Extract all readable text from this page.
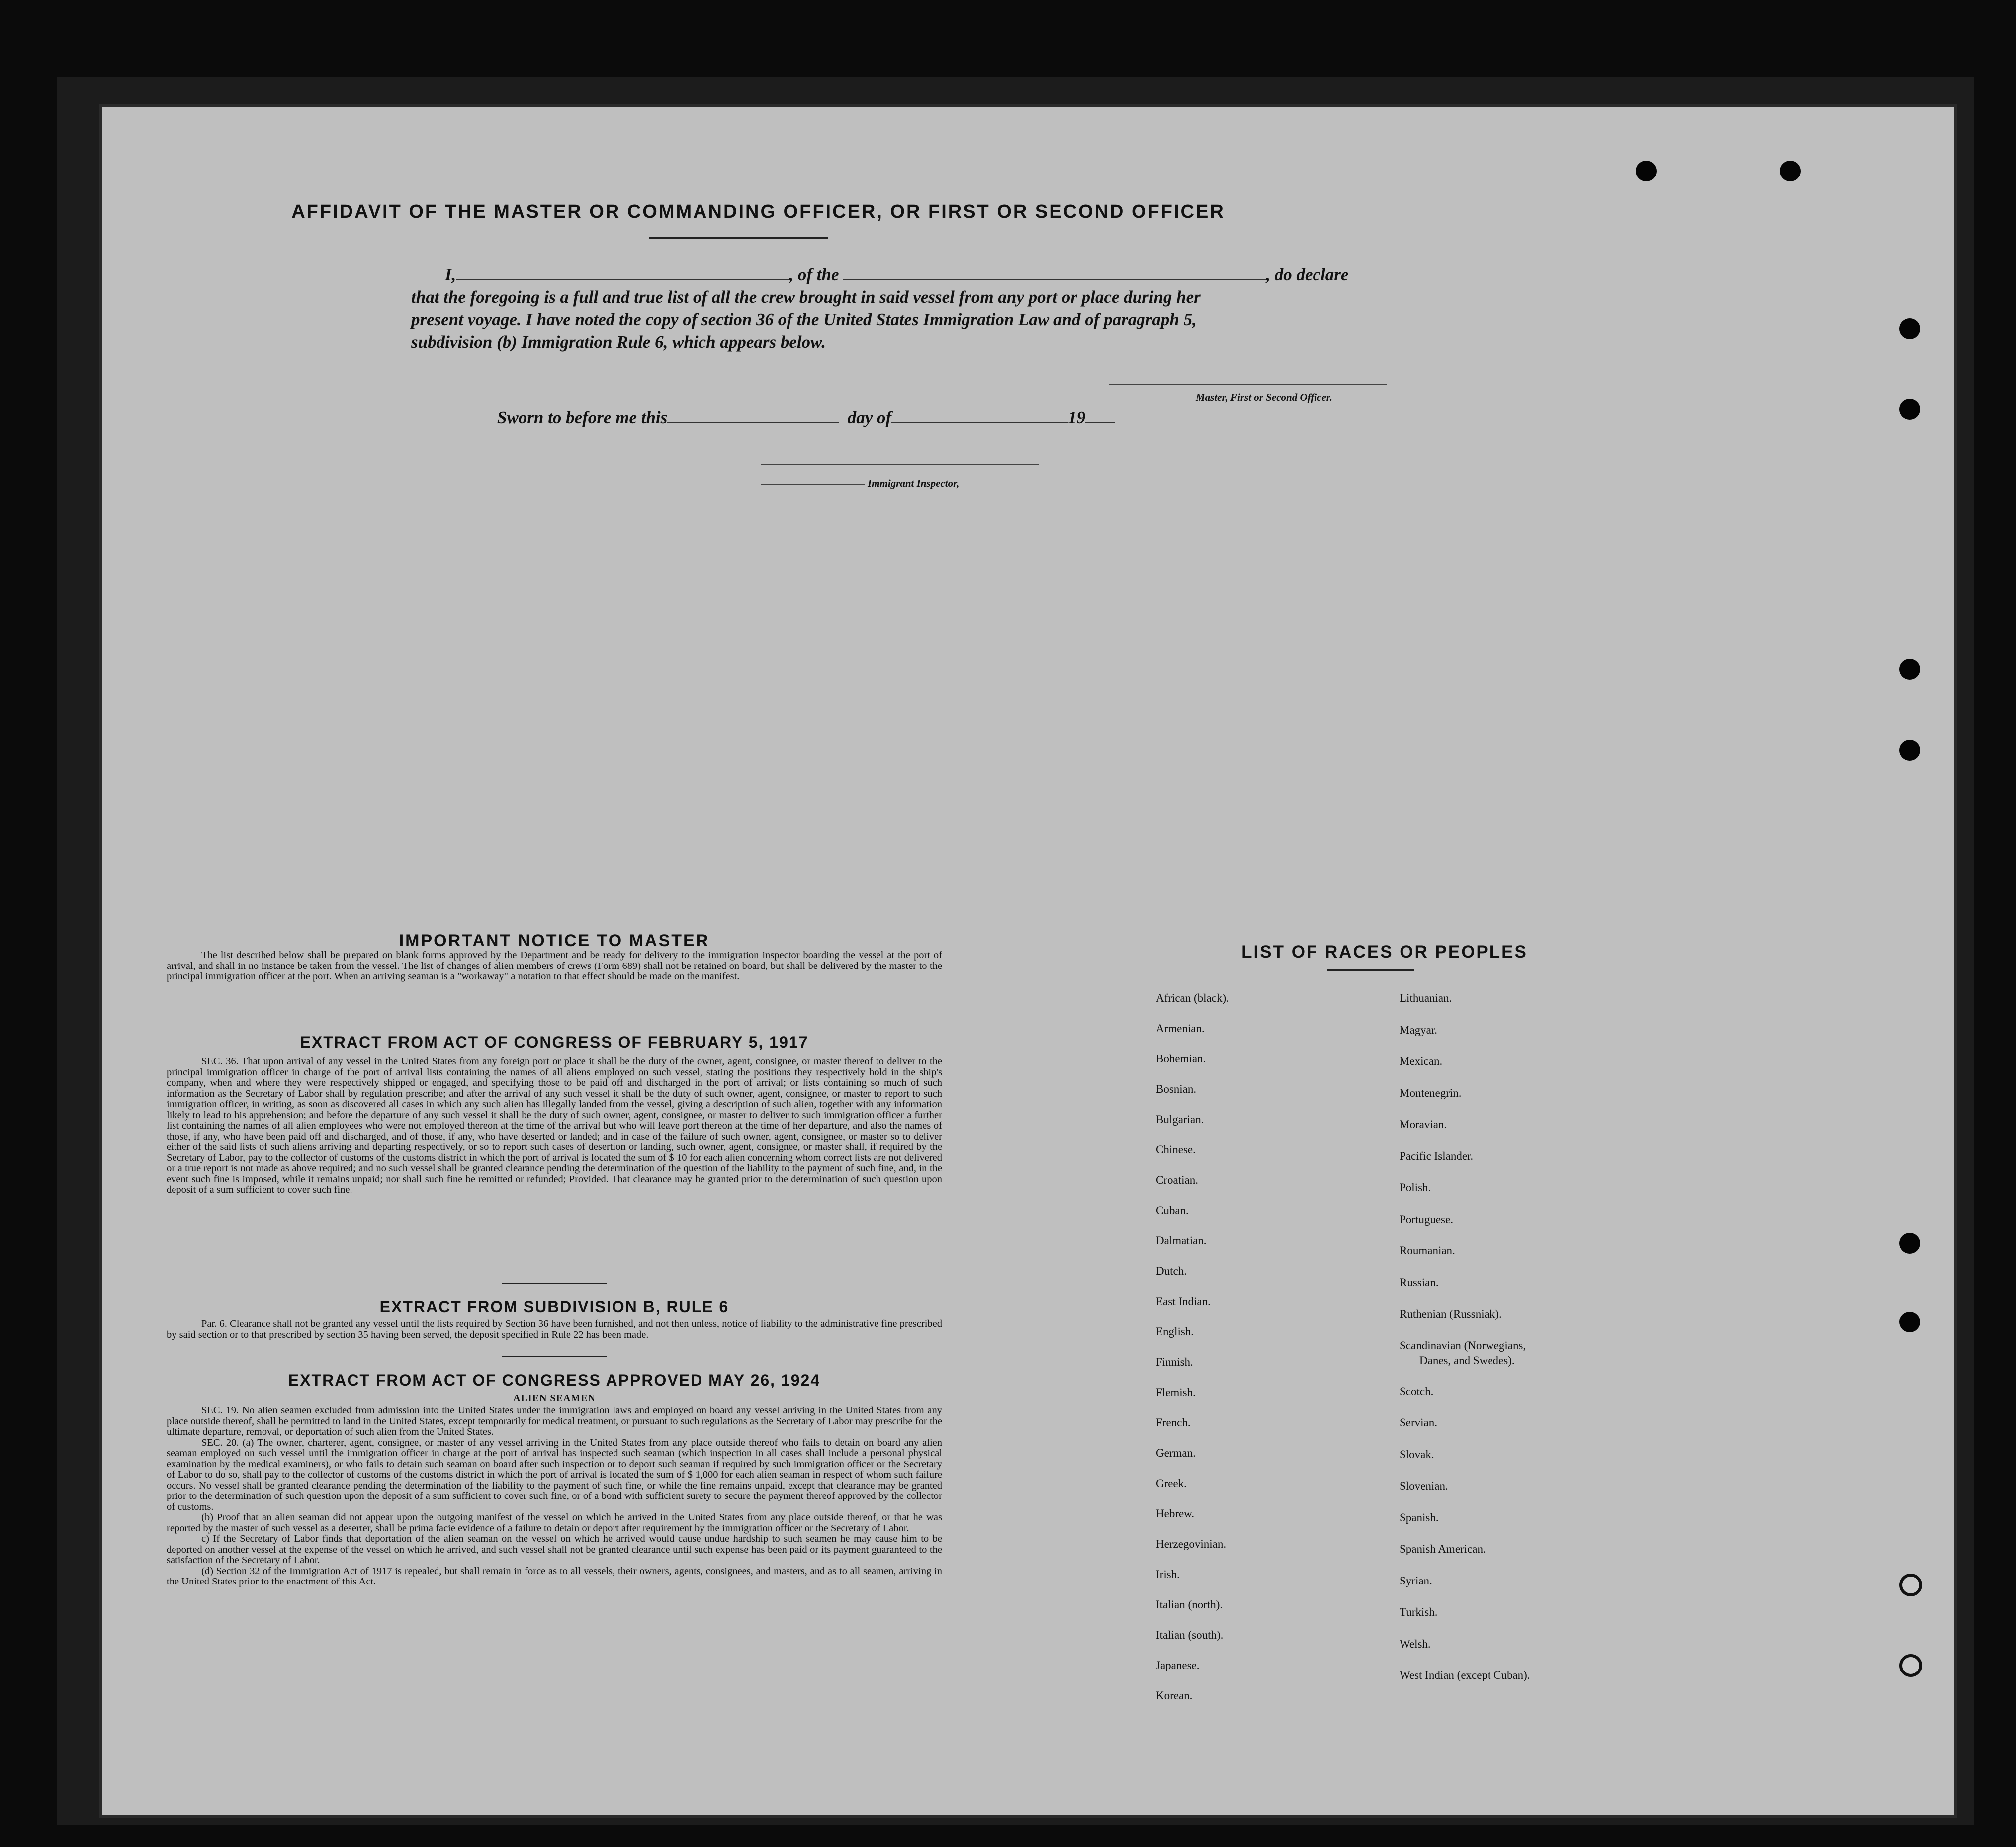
AFFIDAVIT OF THE MASTER OR COMMANDING OFFICER, OR FIRST OR SECOND OFFICER
I,	, of the	, do declare
that the foregoing is a full and true list of all the crew brought in said vessel from any port or place during her
present voyage. I have noted the copy of section 36 of the United States Immigration Law and of paragraph 5,
subdivision (b) Immigration Rule 6, which appears below.
Master, First or Second Officer.
Sworn to before me this	day of	19
Immigrant Inspector,
IMPORTANT NOTICE TO MASTER

The list described below shall be prepared on blank forms approved by the Department and be ready for delivery to the immigration inspector boarding the vessel at the port of arrival, and shall in no instance be taken from the vessel. The list of changes of alien members of crews (Form 689) shall not be retained on board, but shall be delivered by the master to the principal immigration officer at the port. When an arriving seaman is a "workaway" a notation to that effect should be made on the manifest.

EXTRACT FROM ACT OF CONGRESS OF FEBRUARY 5, 1917

SEC. 36. That upon arrival of any vessel in the United States from any foreign port or place it shall be the duty of the owner, agent, consignee, or master thereof to deliver to the principal immigration officer in charge of the port of arrival lists containing the names of all aliens employed on such vessel, stating the positions they respectively hold in the ship's company, when and where they were respectively shipped or engaged, and specifying those to be paid off and discharged in the port of arrival; or lists containing so much of such information as the Secretary of Labor shall by regulation prescribe; and after the arrival of any such vessel it shall be the duty of such owner, agent, consignee, or master to report to such immigration officer, in writing, as soon as discovered all cases in which any such alien has illegally landed from the vessel, giving a description of such alien, together with any information likely to lead to his apprehension; and before the departure of any such vessel it shall be the duty of such owner, agent, consignee, or master to deliver to such immigration officer a further list containing the names of all alien employees who were not employed thereon at the time of the arrival but who will leave port thereon at the time of her departure, and also the names of those, if any, who have been paid off and discharged, and of those, if any, who have deserted or landed; and in case of the failure of such owner, agent, consignee, or master so to deliver either of the said lists of such aliens arriving and departing respectively, or so to report such cases of desertion or landing, such owner, agent, consignee, or master shall, if required by the Secretary of Labor, pay to the collector of customs of the customs district in which the port of arrival is located the sum of $ 10 for each alien concerning whom correct lists are not delivered or a true report is not made as above required; and no such vessel shall be granted clearance pending the determination of the question of the liability to the payment of such fine, and, in the event such fine is imposed, while it remains unpaid; nor shall such fine be remitted or refunded; Provided. That clearance may be granted prior to the determination of such question upon deposit of a sum sufficient to cover such fine.

EXTRACT FROM SUBDIVISION B, RULE 6

Par. 6. Clearance shall not be granted any vessel until the lists required by Section 36 have been furnished, and not then unless, notice of liability to the administrative fine prescribed by said section or to that prescribed by section 35 having been served, the deposit specified in Rule 22 has been made.

EXTRACT FROM ACT OF CONGRESS APPROVED MAY 26, 1924
ALIEN SEAMEN

SEC. 19. No alien seamen excluded from admission into the United States under the immigration laws and employed on board any vessel arriving in the United States from any place outside thereof, shall be permitted to land in the United States, except temporarily for medical treatment, or pursuant to such regulations as the Secretary of Labor may prescribe for the ultimate departure, removal, or deportation of such alien from the United States.

SEC. 20. (a) The owner, charterer, agent, consignee, or master of any vessel arriving in the United States from any place outside thereof who fails to detain on board any alien seaman employed on such vessel until the immigration officer in charge at the port of arrival has inspected such seaman (which inspection in all cases shall include a personal physical examination by the medical examiners), or who fails to detain such seaman on board after such inspection or to deport such seaman if required by such immigration officer or the Secretary of Labor to do so, shall pay to the collector of customs of the customs district in which the port of arrival is located the sum of $ 1,000 for each alien seaman in respect of whom such failure occurs. No vessel shall be granted clearance pending the determination of the liability to the payment of such fine, or while the fine remains unpaid, except that clearance may be granted prior to the determination of such question upon the deposit of a sum sufficient to cover such fine, or of a bond with sufficient surety to secure the payment thereof approved by the collector of customs.

(b) Proof that an alien seaman did not appear upon the outgoing manifest of the vessel on which he arrived in the United States from any place outside thereof, or that he was reported by the master of such vessel as a deserter, shall be prima facie evidence of a failure to detain or deport after requirement by the immigration officer or the Secretary of Labor.

c) If the Secretary of Labor finds that deportation of the alien seaman on the vessel on which he arrived would cause undue hardship to such seamen he may cause him to be deported on another vessel at the expense of the vessel on which he arrived, and such vessel shall not be granted clearance until such expense has been paid or its payment guaranteed to the satisfaction of the Secretary of Labor.

(d) Section 32 of the Immigration Act of 1917 is repealed, but shall remain in force as to all vessels, their owners, agents, consignees, and masters, and as to all seamen, arriving in the United States prior to the enactment of this Act.

LIST OF RACES OR PEOPLES
African (black).
Armenian.
Bohemian.
Bosnian.
Bulgarian.
Chinese.
Croatian.
Cuban.
Dalmatian.
Dutch.
East Indian.
English.
Finnish.
Flemish.
French.
German.
Greek.
Hebrew.
Herzegovinian.
Irish.
Italian (north).
Italian (south).
Japanese.
Korean.
Lithuanian.
Magyar.
Mexican.
Montenegrin.
Moravian.
Pacific Islander.
Polish.
Portuguese.
Roumanian.
Russian.
Ruthenian (Russniak).
Scandinavian (Norwegians,
Danes, and Swedes).
Scotch.
Servian.
Slovak.
Slovenian.
Spanish.
Spanish American.
Syrian.
Turkish.
Welsh.
West Indian (except Cuban).
